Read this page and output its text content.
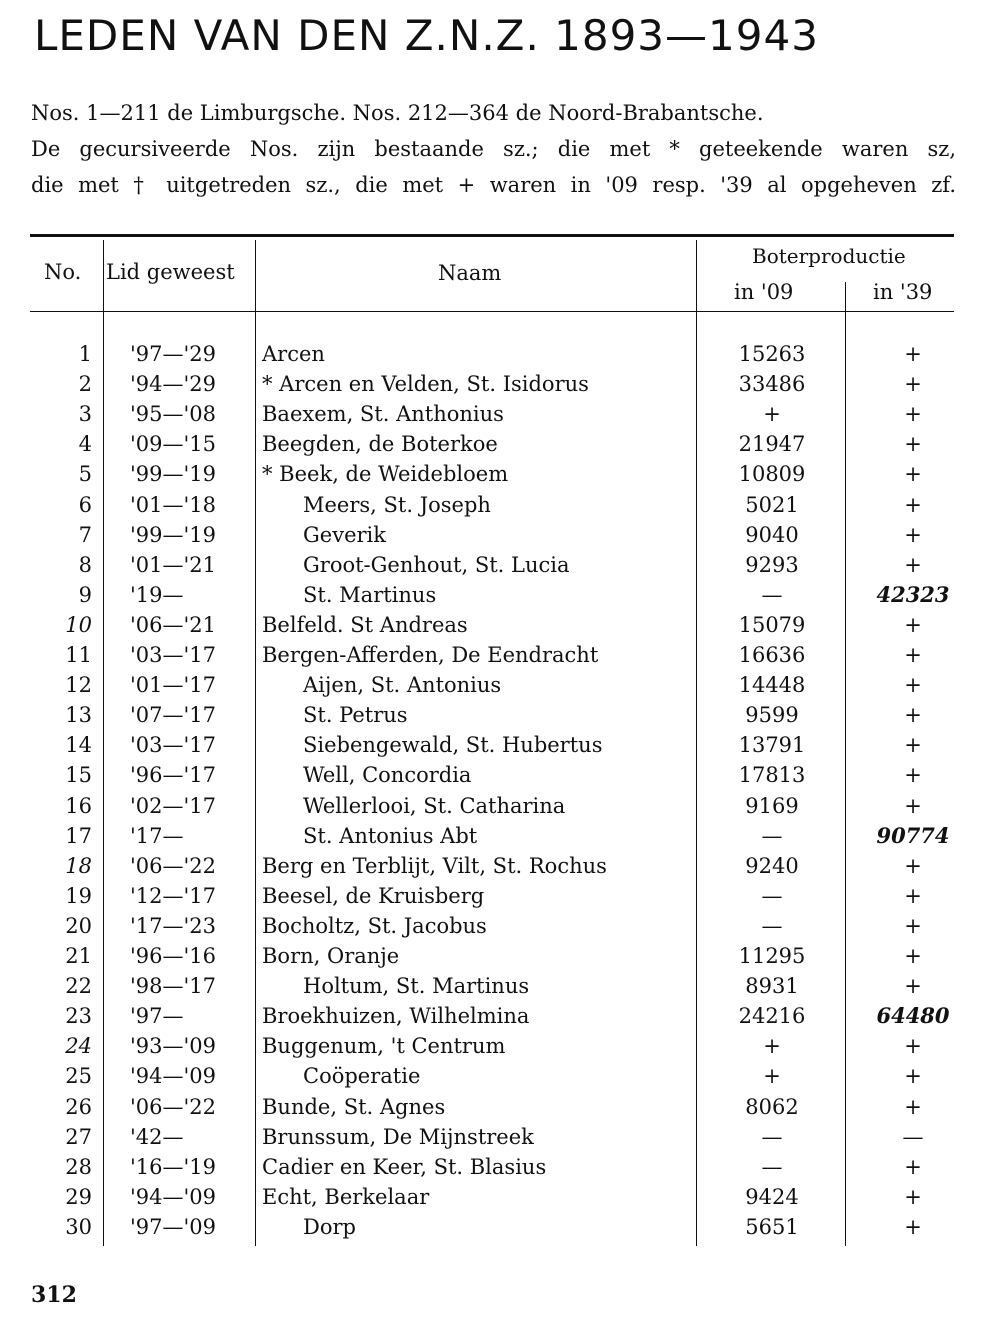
LEDEN VAN DEN Z.N.Z. 1893—1943
Nos. 1—211 de Limburgsche. Nos. 212—364 de Noord-Brabantsche.
De gecursiveerde Nos. zijn bestaande sz.; die met * geteekende waren sz,
die met † uitgetreden sz., die met + waren in '09 resp. '39 al opgeheven zf.
No. Lid geweest	Naam
Boterproductie
in '09	in '39
1 '97—'29 Arcen	15263	+
2 '94—'29 * Arcen en Velden, St. Isidorus	33486	+
3 '95—'08 Baexem, St. Anthonius	+	+
4 '09—'15 Beegden, de Boterkoe	21947	+
5 '99—'19 * Beek, de Weidebloem	10809	+
6 '01—'18	Meers, St. Joseph	5021	+
7 '99—'19	Geverik	9040	+
8 '01—'21	Groot-Genhout, St. Lucia	9293	+
9 '19—	St. Martinus	—	42323
10 '06—'21 Belfeld. St Andreas	15079	+
11 '03—'17 Bergen-Afferden, De Eendracht	16636	+
12 '01—'17	Aijen, St. Antonius	14448	+
13 '07—'17	St. Petrus	9599	+
14 '03—'17	Siebengewald, St. Hubertus	13791	+
15 '96—'17	Well, Concordia	17813	+
16 '02—'17	Wellerlooi, St. Catharina	9169	+
17 '17—	St. Antonius Abt	—	90774
18 '06—'22 Berg en Terblijt, Vilt, St. Rochus	9240	+
19 '12—'17 Beesel, de Kruisberg	—	+
20 '17—'23 Bocholtz, St. Jacobus	—	+
21 '96—'16 Born, Oranje	11295	+
22 '98—'17	Holtum, St. Martinus	8931	+
23 '97—	Broekhuizen, Wilhelmina	24216	64480
24 '93—'09 Buggenum, 't Centrum	+	+
25 '94—'09	Coöperatie	+	+
26 '06—'22 Bunde, St. Agnes	8062	+
27 '42—	Brunssum, De Mijnstreek	—	—
28 '16—'19 Cadier en Keer, St. Blasius	—	+
29 '94—'09 Echt, Berkelaar	9424	+
30 '97—'09	Dorp	5651	+
312
